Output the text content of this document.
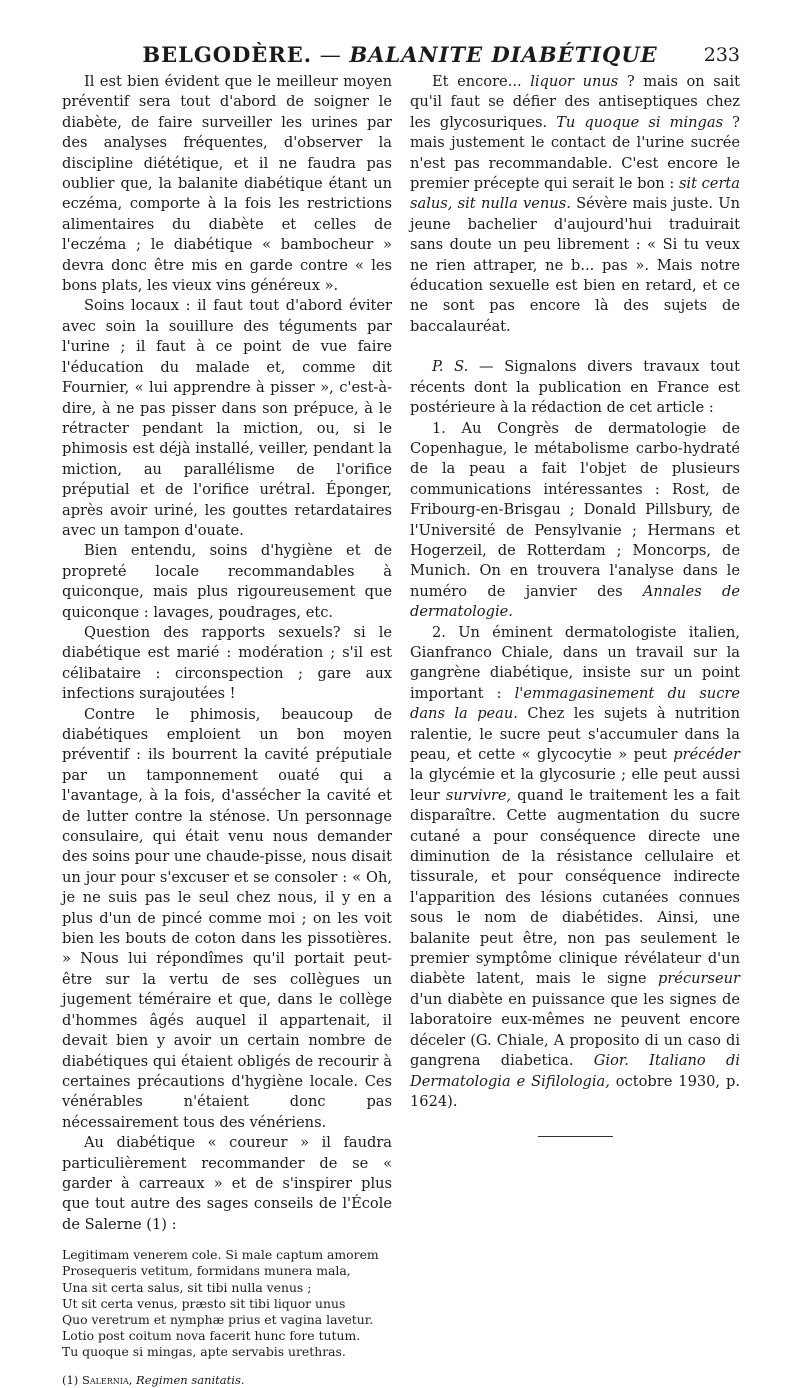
BELGODÈRE. — BALANITE DIABÉTIQUE	233

Il est bien évident que le meilleur moyen préventif sera tout d'abord de soigner le diabète, de faire surveiller les urines par des analyses fréquentes, d'observer la discipline diététique, et il ne faudra pas oublier que, la balanite diabétique étant un eczéma, comporte à la fois les restrictions alimentaires du diabète et celles de l'eczéma ; le diabétique « bambocheur » devra donc être mis en garde contre « les bons plats, les vieux vins généreux ».

Soins locaux : il faut tout d'abord éviter avec soin la souillure des téguments par l'urine ; il faut à ce point de vue faire l'éducation du malade et, comme dit Fournier, « lui apprendre à pisser », c'est-à-dire, à ne pas pisser dans son prépuce, à le rétracter pendant la miction, ou, si le phimosis est déjà installé, veiller, pendant la miction, au parallélisme de l'orifice préputial et de l'orifice urétral. Éponger, après avoir uriné, les gouttes retardataires avec un tampon d'ouate.

Bien entendu, soins d'hygiène et de propreté locale recommandables à quiconque, mais plus rigoureusement que quiconque : lavages, poudrages, etc.

Question des rapports sexuels? si le diabétique est marié : modération ; s'il est célibataire : circonspection ; gare aux infections surajoutées !

Contre le phimosis, beaucoup de diabétiques emploient un bon moyen préventif : ils bourrent la cavité préputiale par un tamponnement ouaté qui a l'avantage, à la fois, d'assécher la cavité et de lutter contre la sténose. Un personnage consulaire, qui était venu nous demander des soins pour une chaude-pisse, nous disait un jour pour s'excuser et se consoler : « Oh, je ne suis pas le seul chez nous, il y en a plus d'un de pincé comme moi ; on les voit bien les bouts de coton dans les pissotières. » Nous lui répondîmes qu'il portait peut-être sur la vertu de ses collègues un jugement téméraire et que, dans le collège d'hommes âgés auquel il appartenait, il devait bien y avoir un certain nombre de diabétiques qui étaient obligés de recourir à certaines précautions d'hygiène locale. Ces vénérables n'étaient donc pas nécessairement tous des vénériens.

Au diabétique « coureur » il faudra particulièrement recommander de se « garder à carreaux » et de s'inspirer plus que tout autre des sages conseils de l'École de Salerne (1) :

Legitimam venerem cole. Si male captum amorem
Prosequeris vetitum, formidans munera mala,
Una sit certa salus, sit tibi nulla venus ;
Ut sit certa venus, præsto sit tibi liquor unus
Quo veretrum et nymphæ prius et vagina lavetur.
Lotio post coitum nova facerit hunc fore tutum.
Tu quoque si mingas, apte servabis urethras.
(1) Salernia, Regimen sanitatis.

Et encore... liquor unus ? mais on sait qu'il faut se défier des antiseptiques chez les glycosuriques. Tu quoque si mingas ? mais justement le contact de l'urine sucrée n'est pas recommandable. C'est encore le premier précepte qui serait le bon : sit certa salus, sit nulla venus. Sévère mais juste. Un jeune bachelier d'aujourd'hui traduirait sans doute un peu librement : « Si tu veux ne rien attraper, ne b... pas ». Mais notre éducation sexuelle est bien en retard, et ce ne sont pas encore là des sujets de baccalauréat.

P. S. — Signalons divers travaux tout récents dont la publication en France est postérieure à la rédaction de cet article :

1. Au Congrès de dermatologie de Copenhague, le métabolisme carbo-hydraté de la peau a fait l'objet de plusieurs communications intéressantes : Rost, de Fribourg-en-Brisgau ; Donald Pillsbury, de l'Université de Pensylvanie ; Hermans et Hogerzeil, de Rotterdam ; Moncorps, de Munich. On en trouvera l'analyse dans le numéro de janvier des Annales de dermatologie.

2. Un éminent dermatologiste italien, Gianfranco Chiale, dans un travail sur la gangrène diabétique, insiste sur un point important : l'emmagasinement du sucre dans la peau. Chez les sujets à nutrition ralentie, le sucre peut s'accumuler dans la peau, et cette « glycocytie » peut précéder la glycémie et la glycosurie ; elle peut aussi leur survivre, quand le traitement les a fait disparaître. Cette augmentation du sucre cutané a pour conséquence directe une diminution de la résistance cellulaire et tissurale, et pour conséquence indirecte l'apparition des lésions cutanées connues sous le nom de diabétides. Ainsi, une balanite peut être, non pas seulement le premier symptôme clinique révélateur d'un diabète latent, mais le signe précurseur d'un diabète en puissance que les signes de laboratoire eux-mêmes ne peuvent encore déceler (G. Chiale, A proposito di un caso di gangrena diabetica. Gior. Italiano di Dermatologia e Sifilologia, octobre 1930, p. 1624).
